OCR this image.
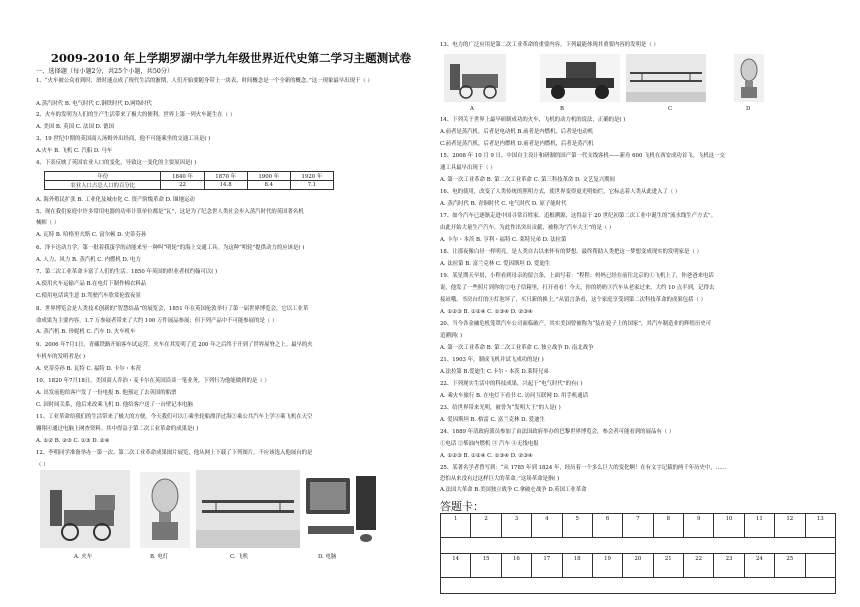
2009-2010 年上学期罗湖中学九年级世界近代史第二学习主题测试卷
一、选择题（每小题2分，共25个小题，共50分）
1、“火车被公众看到时，滑时速点成了现代生活的渐期，人们开始要随身带上一块表，时间概念是一个全新的概念。”这一现象最早出现于（ ）
A.蒸汽时代 B. 电气时代 C.钢铁时代 D.网络时代
2、火车的发明为人们的生产生活带来了极大的便利，世界上第一列火车诞生在（ ）
A. 美国 B. 英国 C. 法国 D. 德国
3、19 世纪中期的英国商人汤姆外出经商，他不可能乘坐的交通工具是( )
A.火车 B. 飞机 C. 汽船 D. 马车
4、下表反映了英国农业人口的变化，导致这一变化的主要原因是( )
年份	1840 年	1870 年	1900 年	1920 年
农业人口占总人口的百分比	22	14.8	8.4	7.1
A. 海外殖民扩张 B. 工业化及城市化 C. 资产阶级革命 D. 圈地运动
5、现在我们家庭中许多常用电器的功率计算单位都是“瓦”，这是为了纪念世人类社会步入蒸汽时代的英国著名机
械师（ ）
A. 瓦特 B. 哈格里夫斯 C. 富尔顿 D. 史蒂芬孙
6、泽卡达动力学，第一批着我蛋学的动能来至一种叫“明轮”的海上交通工具。为这种“明轮”提供动力的应该是( )
A. 人力、风力 B. 蒸汽机 C. 内燃机 D. 电力
7、第二次工业革命卡富了人们的生活。1850 年英国的织业者权约翰可以( )
A.使用火车运输产品 B.在电灯下制作棉衣料品
C.使用电话谈生意 D.驾驶汽车欣赏伦敦夜景
8、世界博览会是人类技术创新的“智慧结晶”的展览会，1851 年在英国伦敦举行了第一届世界博览会，它以工业革
命成果为主要内容，1.7 万参展者带来了大约 100 万件展品参展；但下列产品中不可能参展的是（ ）
A. 蒸汽机 B. 珍妮机 C. 汽车 D. 火车机车
9、2006 年7月1日，青藏铁路开始客车试运营，火车在其发明了近 200 年之后终于开到了世界屋脊之上。最早的火
车机车的发明者是( )
A. 史蒂芬孙 B. 瓦特 C. 福特 D. 卡尔・本茨
10、1820 年7月18日，美国商人乔治・麦卡尔在英国沿谈一笔业务，下列行为他能做到的是（ ）
A. 出发前他给客户发了一份电报 B. 他预定了去英国的船票
C. 因时间关系，他后来改乘飞机 D. 他给客户送了一台壁记本电脑
11、工业革命给我们的生活带来了极大的方便。今天我们可以①乘坐轮船漂洋过海②乘公共汽车上学③乘飞机在天空
翱翔④通过电脑上网查资料。其中得益于第二次工业革命的成果是( )
A. ①② B. ②③ C. ①③ D. ②④
12、李明同学准备举办一第一次、第二次工业革命成果图片展览，他从网上下载了下列图片，不应该选入他展台的是
（ ）
A. 火车	B. 电灯	C. 飞机	D. 电脑
13、电力的广泛应用是第二次工业革命的重要内容。下列最能体现其重要内容的发明是（ ）
A	B	C	D
14、下列关于世界上最早研制成功的火车、飞机的动力机的说法，正确的是( )
A.前者是蒸汽机，后者是电动机 B.前者是内燃机，后者是电动机
C.前者是蒸汽机，后者是内燃机 D.前者是内燃机，后者是蒸汽机
15、2008 年 10 月 9 日，中国自主设计和研制的国产第一代支线客机——新舟 600 飞机在西安成功首飞。飞机这一交
通工具最早出现于（ ）
A. 第一次工业革命 B. 第二次工业革命 C. 第三科技革命 D. 文艺复兴期间
16、电的使用，改变了人类传统的照明方式，使世界变得更光明灿烂，它标志着人类从此进入了（ ）
A. 蒸汽时代 B. 青铜时代 C. 电气时代 D. 原子能时代
17、如今汽车已逐渐走进中国寻常百姓家。追根溯源，这得益于 20 世纪初第二次工业中诞生的“流水线生产方式”。
由此开始大量生产汽车。为此作出突出贡献，被称为“汽车大王”的是（ ）
A. 卡尔・本茨 B. 亨利・福特 C. 莱特兄弟 D. 法拉第
18、让那夜像白昼一样明亮，是人类自古以来怀有的梦想。最终帮助人类把这一梦想变成现实的发明家是（ ）
A. 法拉第 B. 富兰克林 C. 爱因斯坦 D. 爱迪生
19、某星期天早晨，小程看到母亲的留言条，上面写着：“程程：妈妈已经在前往北京的①飞机上了，你爸爸来电话
说，他发了一些照片到你的②电子信箱里，打开看看！今天，你的奶奶③汽车从老家过来，大约 10 点半到，记得去
接站哦。书房台灯的④灯泡坏了，买只新的换上。”从留言条看，这个家庭享受到第二次科技革命的成果包括（ ）
A. ①②③ B. ①②④ C. ①③④ D. ②③④
20、当今各金融危机笼罩汽车公司面临破产。其实美国曾被称为“装在轮子上的国家”，其汽车制造业的辉煌历史可
追溯到( )
A. 第一次工业革命 B. 第二次工业革命 C. 独立战争 D. 南北战争
21、1903 年，制成飞机并试飞成功的是( )
A.法拉第 B.爱迪生 C.卡尔・本茨 D.莱特兄弟
22、下列现实生活中的科技成果，兴起于“电气时代”的有( )
A. 乘火车旅行 B. 在电灯下看书 C. 访问互联网 D. 用手机通话
23、给世界带来光明，被誉为“发明大王”的人是( )
A. 爱因斯坦 B. 格雷 C. 富兰克林 D. 爱迪生
24、1889 年清政府派员参加了由法国政府举办的巴黎世界博览会，参会者可能看到的展品有（ ）
①电话 ②柴油内燃机 ③ 汽车 ④无线电报
A. ①②③ B. ①②④ C. ①③④ D. ②③④
25、某著名学者曾写到：“从 1785 年到 1824 年，经历着一个多么巨大的变化啊！在有文字记载的两千年历史中，……
恐怕从来没有过这样巨大的革命。”这场革命是指( )
A.法国大革命 B.美国独立战争 C.拿破仑战争 D.英国工业革命
答题卡：
1	2	3	4	5	6	7	8	9	10	11	12	13

14	15	16	17	18	19	20	21	22	23	24	25	
